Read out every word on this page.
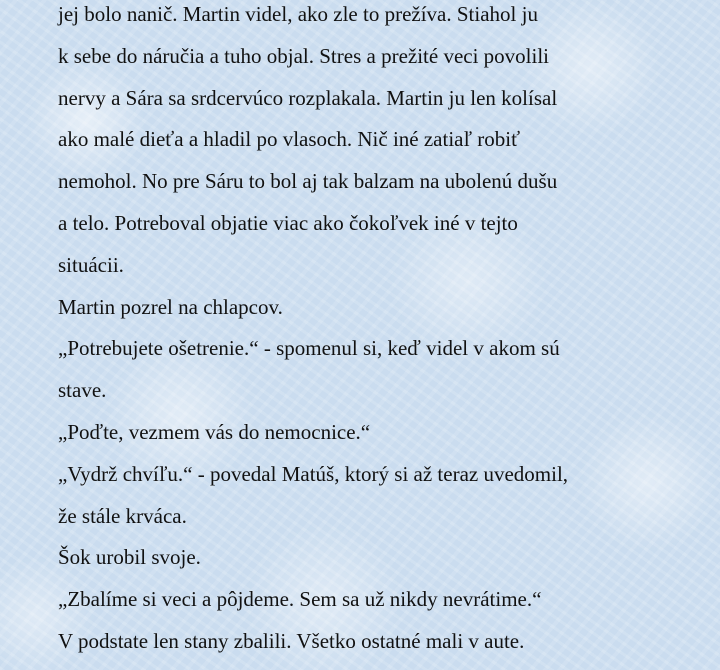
jej bolo nanič. Martin videl, ako zle to prežíva. Stiahol ju
k sebe do náručia a tuho objal. Stres a prežité veci povolili
nervy a Sára sa srdcervúco rozplakala. Martin ju len kolísal
ako malé dieťa a hladil po vlasoch. Nič iné zatiaľ robiť
nemohol. No pre Sáru to bol aj tak balzam na ubolenú dušu
a telo. Potreboval objatie viac ako čokoľvek iné v tejto
situácii.
Martin pozrel na chlapcov.
„Potrebujete ošetrenie.“ - spomenul si, keď videl v akom sú
stave.
„Poďte, vezmem vás do nemocnice.“
„Vydrž chvíľu.“ - povedal Matúš, ktorý si až teraz uvedomil,
že stále krváca.
Šok urobil svoje.
„Zbalíme si veci a pôjdeme. Sem sa už nikdy nevrátime.“
V podstate len stany zbalili. Všetko ostatné mali v aute.
